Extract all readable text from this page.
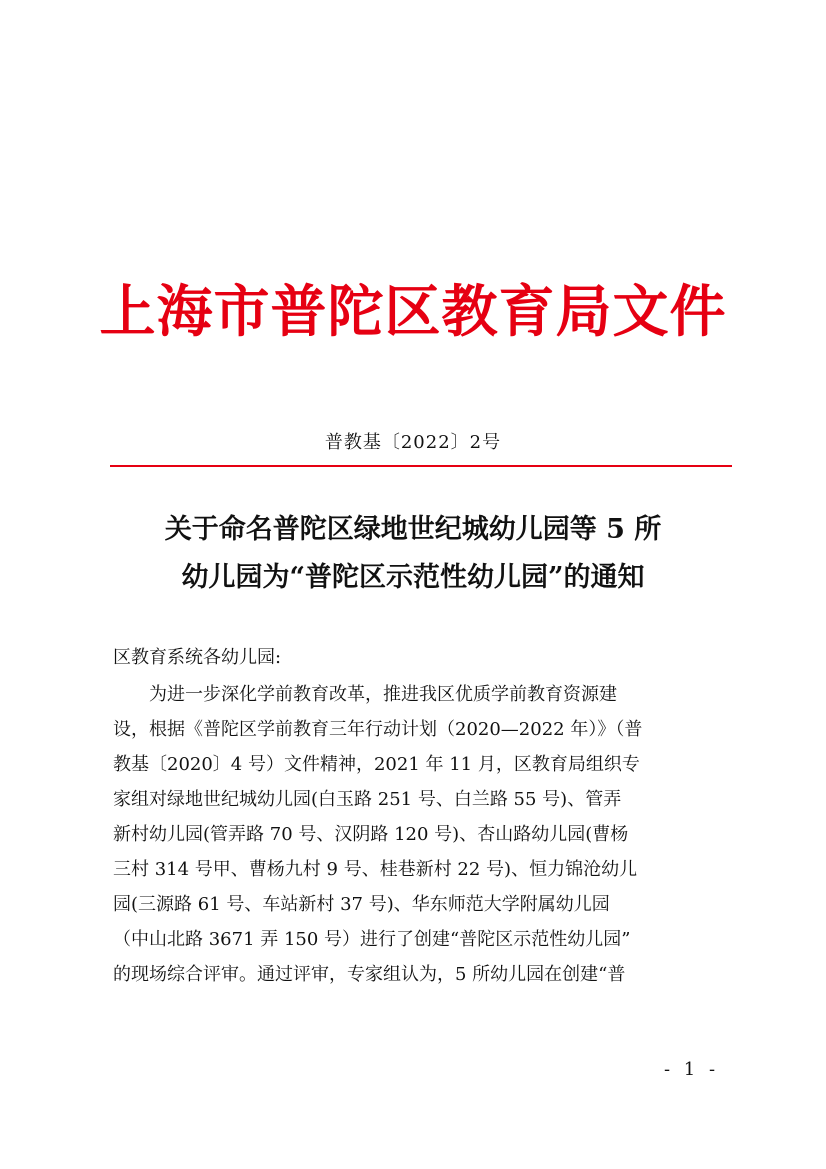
上海市普陀区教育局文件
普教基〔2022〕2号
关于命名普陀区绿地世纪城幼儿园等 5 所
幼儿园为“普陀区示范性幼儿园”的通知
区教育系统各幼儿园:
为进一步深化学前教育改革，推进我区优质学前教育资源建
设，根据《普陀区学前教育三年行动计划（2020—2022 年）》（普
教基〔2020〕4 号）文件精神，2021 年 11 月，区教育局组织专
家组对绿地世纪城幼儿园(白玉路 251 号、白兰路 55 号)、管弄
新村幼儿园(管弄路 70 号、汉阴路 120 号)、杏山路幼儿园(曹杨
三村 314 号甲、曹杨九村 9 号、桂巷新村 22 号)、恒力锦沧幼儿
园(三源路 61 号、车站新村 37 号)、华东师范大学附属幼儿园
（中山北路 3671 弄 150 号）进行了创建“普陀区示范性幼儿园”
的现场综合评审。通过评审，专家组认为，5 所幼儿园在创建“普
- 1 -
